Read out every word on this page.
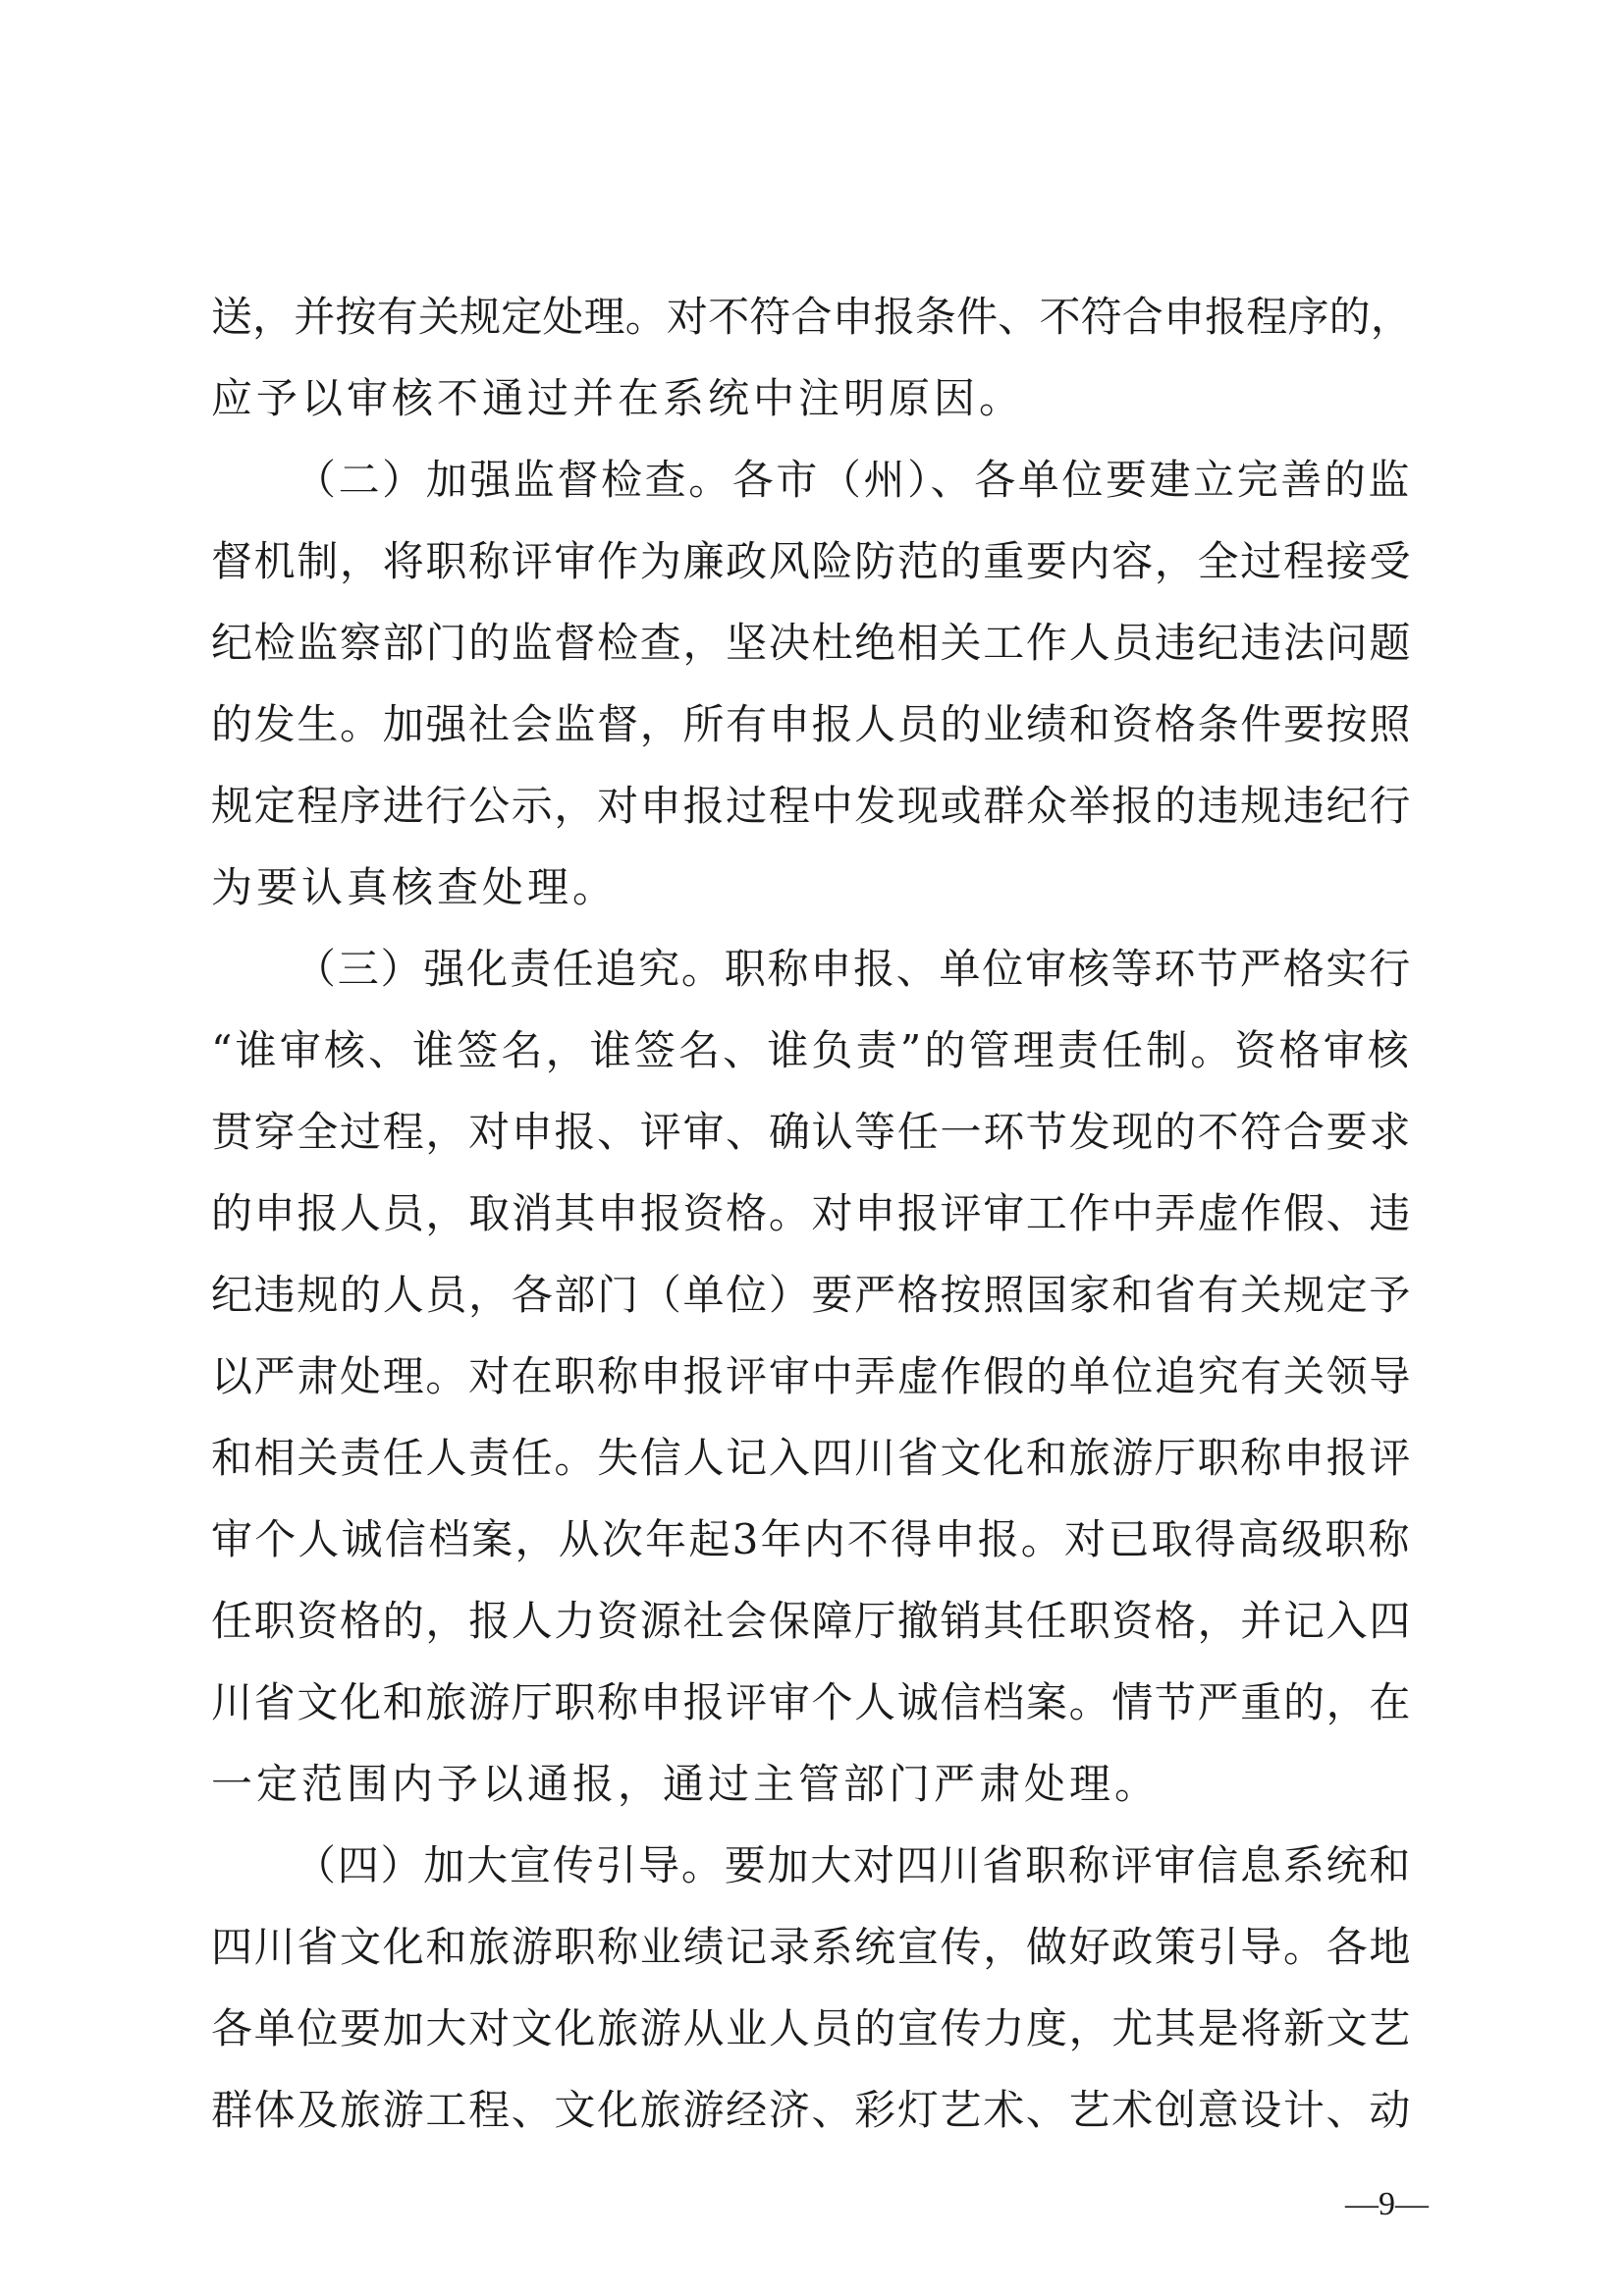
送，并按有关规定处理。对不符合申报条件、不符合申报程序的，
应予以审核不通过并在系统中注明原因。
（二）加强监督检查。各市（州）、各单位要建立完善的监
督机制，将职称评审作为廉政风险防范的重要内容，全过程接受
纪检监察部门的监督检查，坚决杜绝相关工作人员违纪违法问题
的发生。加强社会监督，所有申报人员的业绩和资格条件要按照
规定程序进行公示，对申报过程中发现或群众举报的违规违纪行
为要认真核查处理。
（三）强化责任追究。职称申报、单位审核等环节严格实行
“谁审核、谁签名，谁签名、谁负责”的管理责任制。资格审核
贯穿全过程，对申报、评审、确认等任一环节发现的不符合要求
的申报人员，取消其申报资格。对申报评审工作中弄虚作假、违
纪违规的人员，各部门（单位）要严格按照国家和省有关规定予
以严肃处理。对在职称申报评审中弄虚作假的单位追究有关领导
和相关责任人责任。失信人记入四川省文化和旅游厅职称申报评
审个人诚信档案，从次年起3年内不得申报。对已取得高级职称
任职资格的，报人力资源社会保障厅撤销其任职资格，并记入四
川省文化和旅游厅职称申报评审个人诚信档案。情节严重的，在
一定范围内予以通报，通过主管部门严肃处理。
（四）加大宣传引导。要加大对四川省职称评审信息系统和
四川省文化和旅游职称业绩记录系统宣传，做好政策引导。各地
各单位要加大对文化旅游从业人员的宣传力度，尤其是将新文艺
群体及旅游工程、文化旅游经济、彩灯艺术、艺术创意设计、动
—9—
